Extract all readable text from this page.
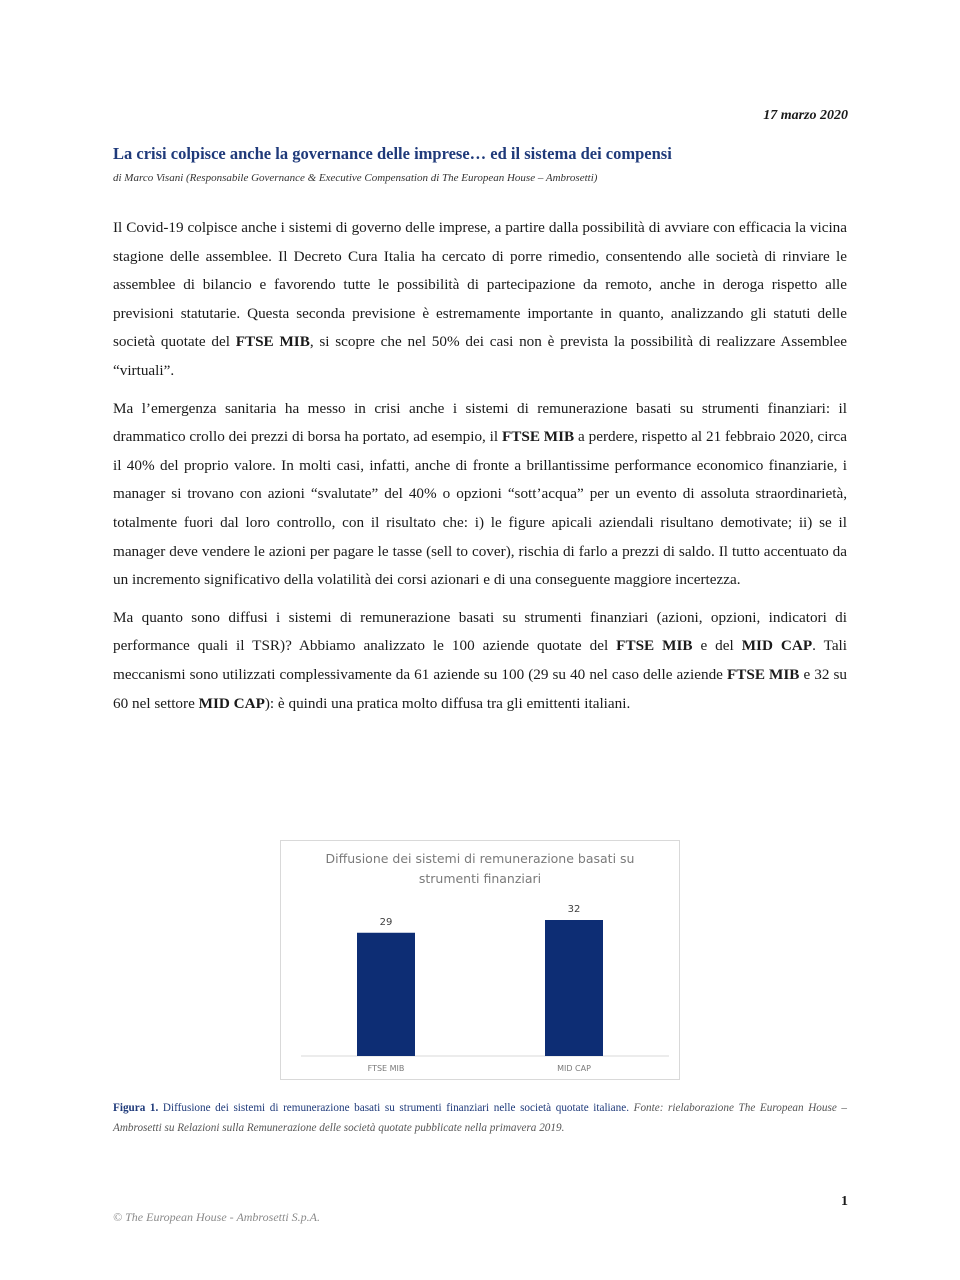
17 marzo 2020
La crisi colpisce anche la governance delle imprese… ed il sistema dei compensi
di Marco Visani (Responsabile Governance & Executive Compensation di The European House – Ambrosetti)

Il Covid-19 colpisce anche i sistemi di governo delle imprese, a partire dalla possibilità di avviare con efficacia la vicina stagione delle assemblee. Il Decreto Cura Italia ha cercato di porre rimedio, consentendo alle società di rinviare le assemblee di bilancio e favorendo tutte le possibilità di partecipazione da remoto, anche in deroga rispetto alle previsioni statutarie. Questa seconda previsione è estremamente importante in quanto, analizzando gli statuti delle società quotate del FTSE MIB, si scopre che nel 50% dei casi non è prevista la possibilità di realizzare Assemblee “virtuali”.

Ma l’emergenza sanitaria ha messo in crisi anche i sistemi di remunerazione basati su strumenti finanziari: il drammatico crollo dei prezzi di borsa ha portato, ad esempio, il FTSE MIB a perdere, rispetto al 21 febbraio 2020, circa il 40% del proprio valore. In molti casi, infatti, anche di fronte a brillantissime performance economico finanziarie, i manager si trovano con azioni “svalutate” del 40% o opzioni “sott’acqua” per un evento di assoluta straordinarietà, totalmente fuori dal loro controllo, con il risultato che: i) le figure apicali aziendali risultano demotivate; ii) se il manager deve vendere le azioni per pagare le tasse (sell to cover), rischia di farlo a prezzi di saldo. Il tutto accentuato da un incremento significativo della volatilità dei corsi azionari e di una conseguente maggiore incertezza.

Ma quanto sono diffusi i sistemi di remunerazione basati su strumenti finanziari (azioni, opzioni, indicatori di performance quali il TSR)? Abbiamo analizzato le 100 aziende quotate del FTSE MIB e del MID CAP. Tali meccanismi sono utilizzati complessivamente da 61 aziende su 100 (29 su 40 nel caso delle aziende FTSE MIB e 32 su 60 nel settore MID CAP): è quindi una pratica molto diffusa tra gli emittenti italiani.

Diffusione dei sistemi di remunerazione basati su
strumenti finanziari
29
FTSE MIB
32
MID CAP
Figura 1. Diffusione dei sistemi di remunerazione basati su strumenti finanziari nelle società quotate italiane. Fonte: rielaborazione The European House – Ambrosetti su Relazioni sulla Remunerazione delle società quotate pubblicate nella primavera 2019.
1
© The European House - Ambrosetti S.p.A.
